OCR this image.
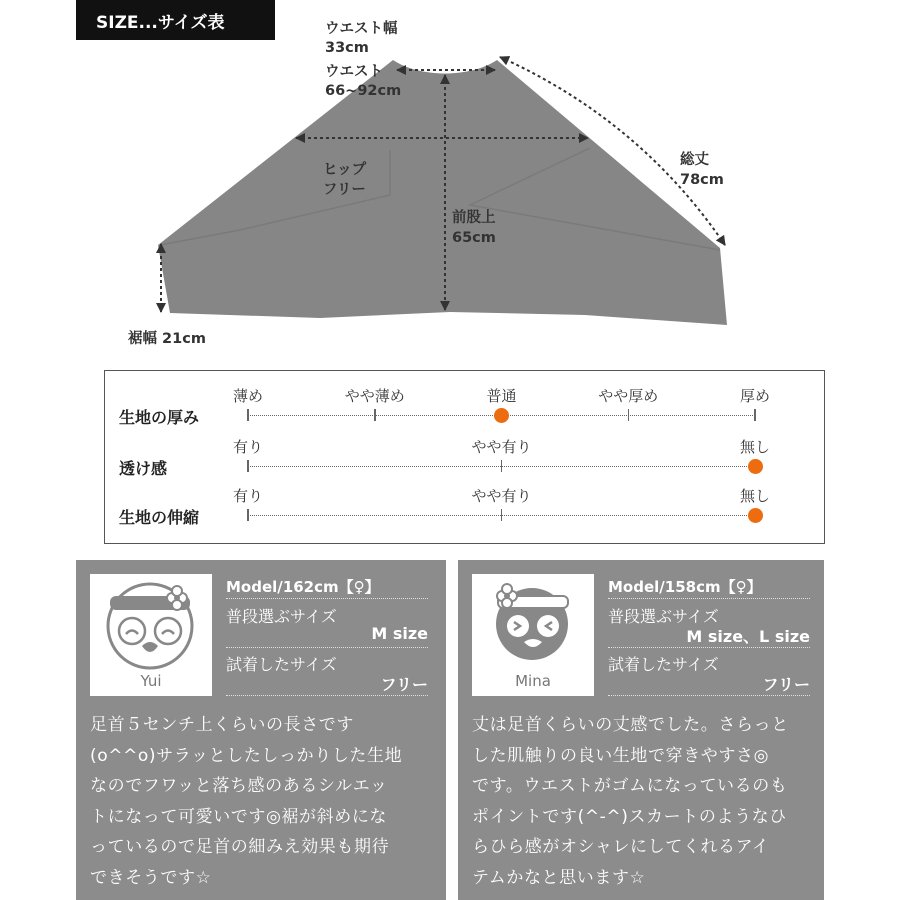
SIZE...サイズ表	ウエスト幅
33cm
ウエスト
66~92cm
ヒップ
フリー
前股上
65cm
総丈
78cm
裾幅 21cm
生地の厚み
薄め	やや薄め	普通	やや厚め	厚め
透け感
有り	やや有り	無し
生地の伸縮
有り	やや有り	無し
Yui
Model/162cm【♀】
普段選ぶサイズ
M size
試着したサイズ
フリー
足首５センチ上くらいの長さです
(o^^o)サラッとしたしっかりした生地
なのでフワッと落ち感のあるシルエッ
トになって可愛いです◎裾が斜めにな
っているので足首の細みえ効果も期待
できそうです☆
Mina
Model/158cm【♀】
普段選ぶサイズ
M size、L size
試着したサイズ
フリー
丈は足首くらいの丈感でした。さらっと
した肌触りの良い生地で穿きやすさ◎
です。ウエストがゴムになっているのも
ポイントです(^-^)スカートのようなひ
らひら感がオシャレにしてくれるアイ
テムかなと思います☆
